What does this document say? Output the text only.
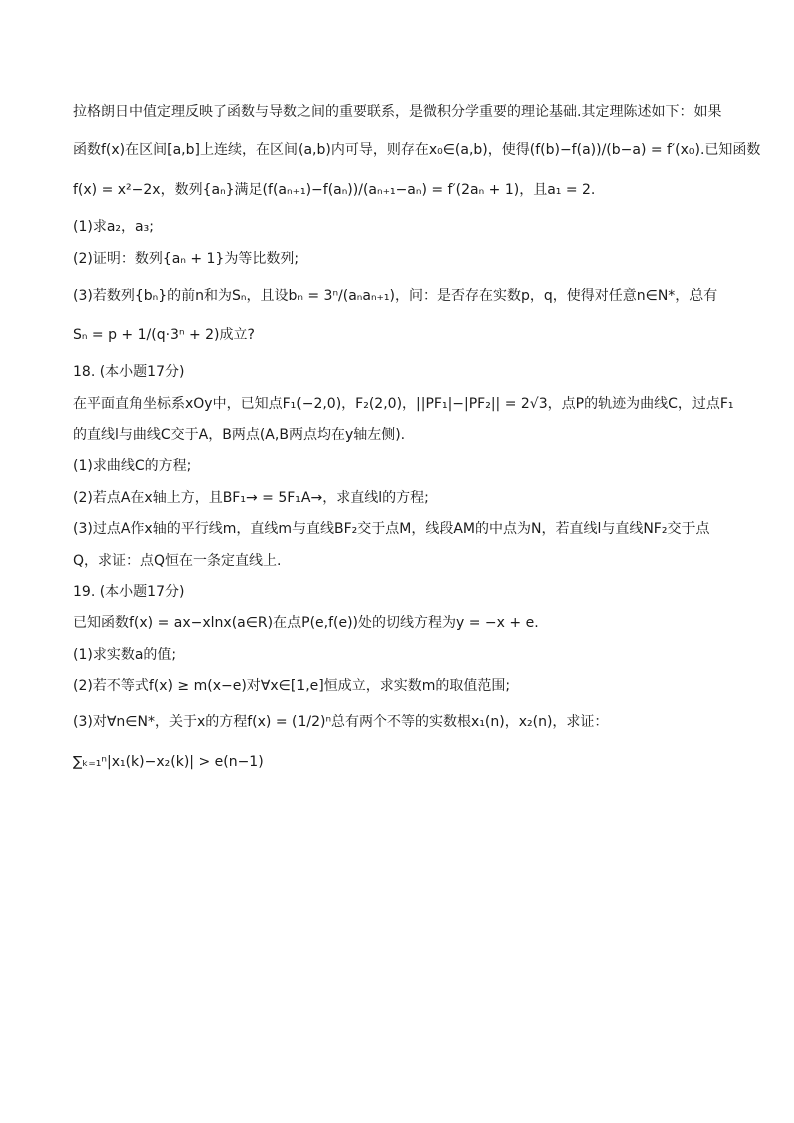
拉格朗日中值定理反映了函数与导数之间的重要联系，是微积分学重要的理论基础.其定理陈述如下：如果
函数f(x)在区间[a,b]上连续，在区间(a,b)内可导，则存在x₀∈(a,b)，使得(f(b)−f(a))/(b−a) = f′(x₀).已知函数
f(x) = x²−2x，数列{aₙ}满足(f(aₙ₊₁)−f(aₙ))/(aₙ₊₁−aₙ) = f′(2aₙ + 1)，且a₁ = 2.
(1)求a₂，a₃;
(2)证明：数列{aₙ + 1}为等比数列;
(3)若数列{bₙ}的前n和为Sₙ，且设bₙ = 3ⁿ/(aₙaₙ₊₁)，问：是否存在实数p，q，使得对任意n∈N*，总有
Sₙ = p + 1/(q·3ⁿ + 2)成立?
18. (本小题17分)
在平面直角坐标系xOy中，已知点F₁(−2,0)，F₂(2,0)，||PF₁|−|PF₂|| = 2√3，点P的轨迹为曲线C，过点F₁
的直线l与曲线C交于A，B两点(A,B两点均在y轴左侧).
(1)求曲线C的方程;
(2)若点A在x轴上方，且BF₁→ = 5F₁A→，求直线l的方程;
(3)过点A作x轴的平行线m，直线m与直线BF₂交于点M，线段AM的中点为N，若直线l与直线NF₂交于点
Q，求证：点Q恒在一条定直线上.
19. (本小题17分)
已知函数f(x) = ax−xlnx(a∈R)在点P(e,f(e))处的切线方程为y = −x + e.
(1)求实数a的值;
(2)若不等式f(x) ≥ m(x−e)对∀x∈[1,e]恒成立，求实数m的取值范围;
(3)对∀n∈N*，关于x的方程f(x) = (1/2)ⁿ总有两个不等的实数根x₁(n)，x₂(n)，求证：
∑ₖ₌₁ⁿ|x₁(k)−x₂(k)| > e(n−1)
